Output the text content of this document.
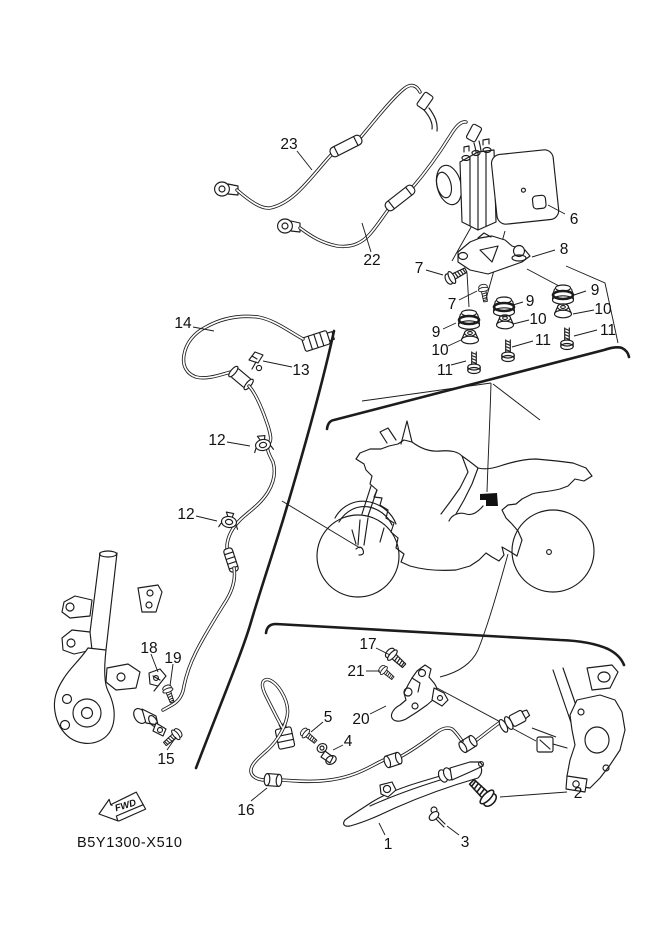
FWD
B5Y1300-X510
23
22
6
8
7
7
9
10
11
9
10
11
9
10
11
14
13
12
12
18
19
15
17
21
20
5
4
16
1	3
2
